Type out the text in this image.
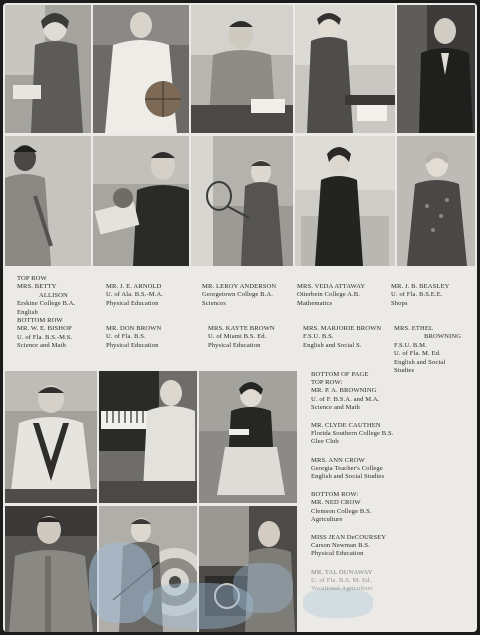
TOP ROW
MRS. BETTY
ALLISON
Erskine College B.A.
English
BOTTOM ROW
MR. W. E. BISHOP
U. of Fla. B.S.-M.S.
Science and Math
MR. J. E. ARNOLD
U. of Ala. B.S.-M.A.
Physical Education
MR. DON BROWN
U. of Fla. B.S.
Physical Education
MR. LEROY ANDERSON
Georgetown College B.A.
Sciences
MRS. KAYTE BROWN
U. of Miami B.S. Ed.
Physical Education
MRS. VEDA ATTAWAY
Otterbein College A.B.
Mathematics
MRS. MARJORIE BROWN
F.S.U. B.S.
English and Social S.
MR. J. B. BEASLEY
U. of Fla. B.S.E.E.
Shops
MRS. ETHEL
BROWNING
F.S.U. B.M.
U. of Fla. M. Ed.
English and Social
Studies
BOTTOM OF PAGE
TOP ROW:
MR. P. A. BROWNING
U. of F. B.S.A. and M.A.
Science and Math
MR. CLYDE CAUTHEN
Florida Southern College B.S.
Glee Club
MRS. ANN CROW
Georgia Teacher's College
English and Social Studies
BOTTOM ROW:
MR. NED CROW
Clemson College B.S.
Agriculture
MISS JEAN DeCOURSEY
Carson Newman B.S.
Physical Education
MR. TAL DUNAWAY
U. of Fla. B.S. M. Ed.
Vocational Agriculture
